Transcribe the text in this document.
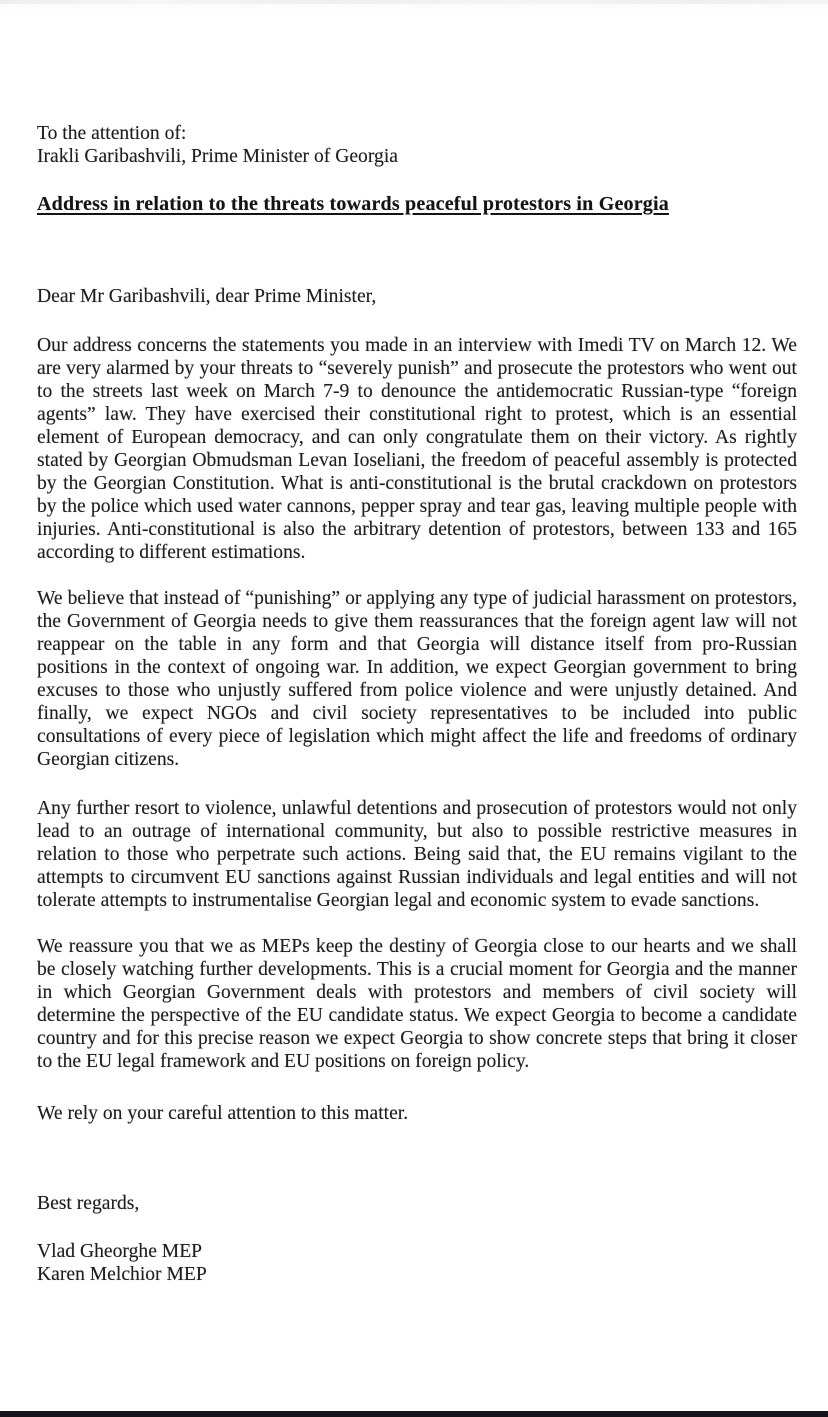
To the attention of:
Irakli Garibashvili, Prime Minister of Georgia
Address in relation to the threats towards peaceful protestors in Georgia
Dear Mr Garibashvili, dear Prime Minister,
Our address concerns the statements you made in an interview with Imedi TV on March 12. We are very alarmed by your threats to “severely punish” and prosecute the protestors who went out to the streets last week on March 7-9 to denounce the antidemocratic Russian-type “foreign agents” law. They have exercised their constitutional right to protest, which is an essential element of European democracy, and can only congratulate them on their victory. As rightly stated by Georgian Obmudsman Levan Ioseliani, the freedom of peaceful assembly is protected by the Georgian Constitution. What is anti-constitutional is the brutal crackdown on protestors by the police which used water cannons, pepper spray and tear gas, leaving multiple people with injuries. Anti-constitutional is also the arbitrary detention of protestors, between 133 and 165 according to different estimations.
We believe that instead of “punishing” or applying any type of judicial harassment on protestors, the Government of Georgia needs to give them reassurances that the foreign agent law will not reappear on the table in any form and that Georgia will distance itself from pro-Russian positions in the context of ongoing war. In addition, we expect Georgian government to bring excuses to those who unjustly suffered from police violence and were unjustly detained. And finally, we expect NGOs and civil society representatives to be included into public consultations of every piece of legislation which might affect the life and freedoms of ordinary Georgian citizens.
Any further resort to violence, unlawful detentions and prosecution of protestors would not only lead to an outrage of international community, but also to possible restrictive measures in relation to those who perpetrate such actions. Being said that, the EU remains vigilant to the attempts to circumvent EU sanctions against Russian individuals and legal entities and will not tolerate attempts to instrumentalise Georgian legal and economic system to evade sanctions.
We reassure you that we as MEPs keep the destiny of Georgia close to our hearts and we shall be closely watching further developments. This is a crucial moment for Georgia and the manner in which Georgian Government deals with protestors and members of civil society will determine the perspective of the EU candidate status. We expect Georgia to become a candidate country and for this precise reason we expect Georgia to show concrete steps that bring it closer to the EU legal framework and EU positions on foreign policy.
We rely on your careful attention to this matter.
Best regards,
Vlad Gheorghe MEP
Karen Melchior MEP
